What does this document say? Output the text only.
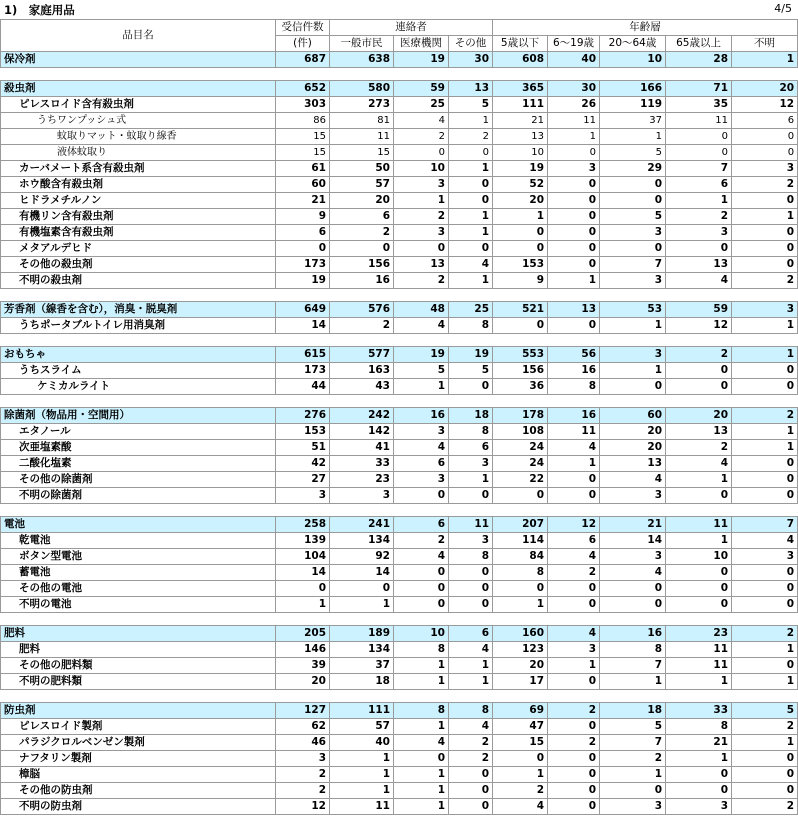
1)　家庭用品	4/5
品目名	受信件数	連絡者			年齢層				
	(件)	一般市民	医療機関	その他	5歳以下	6～19歳	20～64歳	65歳以上	不明
保冷剤	687	638	19	30	608	40	10	28	1

殺虫剤	652	580	59	13	365	30	166	71	20
ピレスロイド含有殺虫剤	303	273	25	5	111	26	119	35	12
うちワンプッシュ式	86	81	4	1	21	11	37	11	6
蚊取りマット・蚊取り線香	15	11	2	2	13	1	1	0	0
液体蚊取り	15	15	0	0	10	0	5	0	0
カーバメート系含有殺虫剤	61	50	10	1	19	3	29	7	3
ホウ酸含有殺虫剤	60	57	3	0	52	0	0	6	2
ヒドラメチルノン	21	20	1	0	20	0	0	1	0
有機リン含有殺虫剤	9	6	2	1	1	0	5	2	1
有機塩素含有殺虫剤	6	2	3	1	0	0	3	3	0
メタアルデヒド	0	0	0	0	0	0	0	0	0
その他の殺虫剤	173	156	13	4	153	0	7	13	0
不明の殺虫剤	19	16	2	1	9	1	3	4	2

芳香剤（線香を含む），消臭・脱臭剤	649	576	48	25	521	13	53	59	3
うちポータブルトイレ用消臭剤	14	2	4	8	0	0	1	12	1

おもちゃ	615	577	19	19	553	56	3	2	1
うちスライム	173	163	5	5	156	16	1	0	0
ケミカルライト	44	43	1	0	36	8	0	0	0

除菌剤（物品用・空間用）	276	242	16	18	178	16	60	20	2
エタノール	153	142	3	8	108	11	20	13	1
次亜塩素酸	51	41	4	6	24	4	20	2	1
二酸化塩素	42	33	6	3	24	1	13	4	0
その他の除菌剤	27	23	3	1	22	0	4	1	0
不明の除菌剤	3	3	0	0	0	0	3	0	0

電池	258	241	6	11	207	12	21	11	7
乾電池	139	134	2	3	114	6	14	1	4
ボタン型電池	104	92	4	8	84	4	3	10	3
蓄電池	14	14	0	0	8	2	4	0	0
その他の電池	0	0	0	0	0	0	0	0	0
不明の電池	1	1	0	0	1	0	0	0	0

肥料	205	189	10	6	160	4	16	23	2
肥料	146	134	8	4	123	3	8	11	1
その他の肥料類	39	37	1	1	20	1	7	11	0
不明の肥料類	20	18	1	1	17	0	1	1	1

防虫剤	127	111	8	8	69	2	18	33	5
ピレスロイド製剤	62	57	1	4	47	0	5	8	2
パラジクロルベンゼン製剤	46	40	4	2	15	2	7	21	1
ナフタリン製剤	3	1	0	2	0	0	2	1	0
樟脳	2	1	1	0	1	0	1	0	0
その他の防虫剤	2	1	1	0	2	0	0	0	0
不明の防虫剤	12	11	1	0	4	0	3	3	2
